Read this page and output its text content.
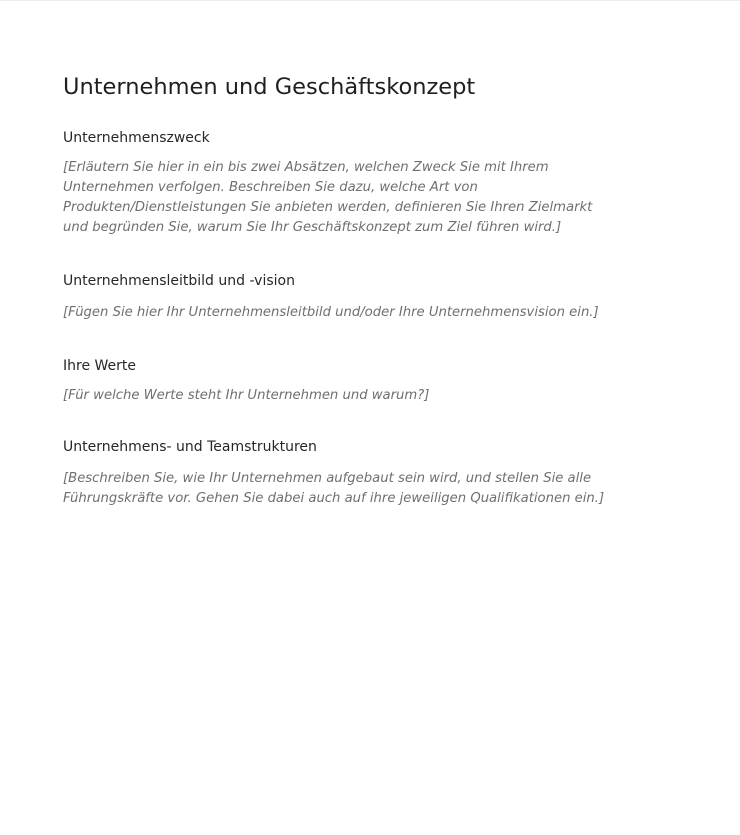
Unternehmen und Geschäftskonzept
Unternehmenszweck

[Erläutern Sie hier in ein bis zwei Absätzen, welchen Zweck Sie mit Ihrem
Unternehmen verfolgen. Beschreiben Sie dazu, welche Art von
Produkten/Dienstleistungen Sie anbieten werden, definieren Sie Ihren Zielmarkt
und begründen Sie, warum Sie Ihr Geschäftskonzept zum Ziel führen wird.]

Unternehmensleitbild und -vision

[Fügen Sie hier Ihr Unternehmensleitbild und/oder Ihre Unternehmensvision ein.]

Ihre Werte

[Für welche Werte steht Ihr Unternehmen und warum?]

Unternehmens- und Teamstrukturen

[Beschreiben Sie, wie Ihr Unternehmen aufgebaut sein wird, und stellen Sie alle
Führungskräfte vor. Gehen Sie dabei auch auf ihre jeweiligen Qualifikationen ein.]
